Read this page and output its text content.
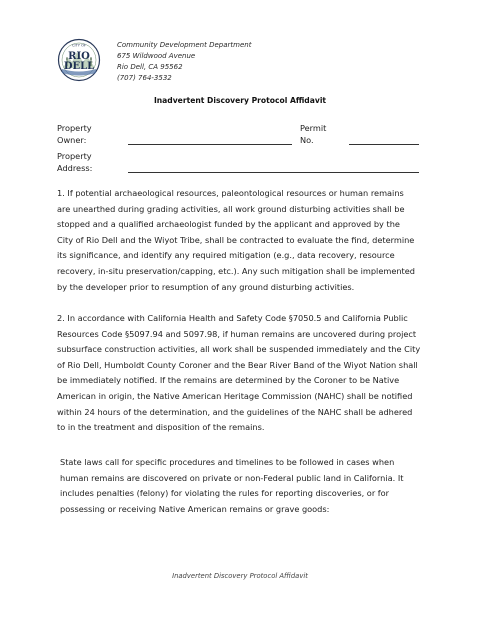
CITY OF
RIO
DELL
Community Development Department
675 Wildwood Avenue
Rio Dell, CA 95562
(707) 764-3532
Inadvertent Discovery Protocol Affidavit
Property
Owner:
Permit
No.
Property
Address:
1. If potential archaeological resources, paleontological resources or human remains
are unearthed during grading activities, all work ground disturbing activities shall be
stopped and a qualified archaeologist funded by the applicant and approved by the
City of Rio Dell and the Wiyot Tribe, shall be contracted to evaluate the find, determine
its significance, and identify any required mitigation (e.g., data recovery, resource
recovery, in-situ preservation/capping, etc.). Any such mitigation shall be implemented
by the developer prior to resumption of any ground disturbing activities.
2. In accordance with California Health and Safety Code §7050.5 and California Public
Resources Code §5097.94 and 5097.98, if human remains are uncovered during project
subsurface construction activities, all work shall be suspended immediately and the City
of Rio Dell, Humboldt County Coroner and the Bear River Band of the Wiyot Nation shall
be immediately notified. If the remains are determined by the Coroner to be Native
American in origin, the Native American Heritage Commission (NAHC) shall be notified
within 24 hours of the determination, and the guidelines of the NAHC shall be adhered
to in the treatment and disposition of the remains.
State laws call for specific procedures and timelines to be followed in cases when
human remains are discovered on private or non-Federal public land in California. It
includes penalties (felony) for violating the rules for reporting discoveries, or for
possessing or receiving Native American remains or grave goods:
Inadvertent Discovery Protocol Affidavit
